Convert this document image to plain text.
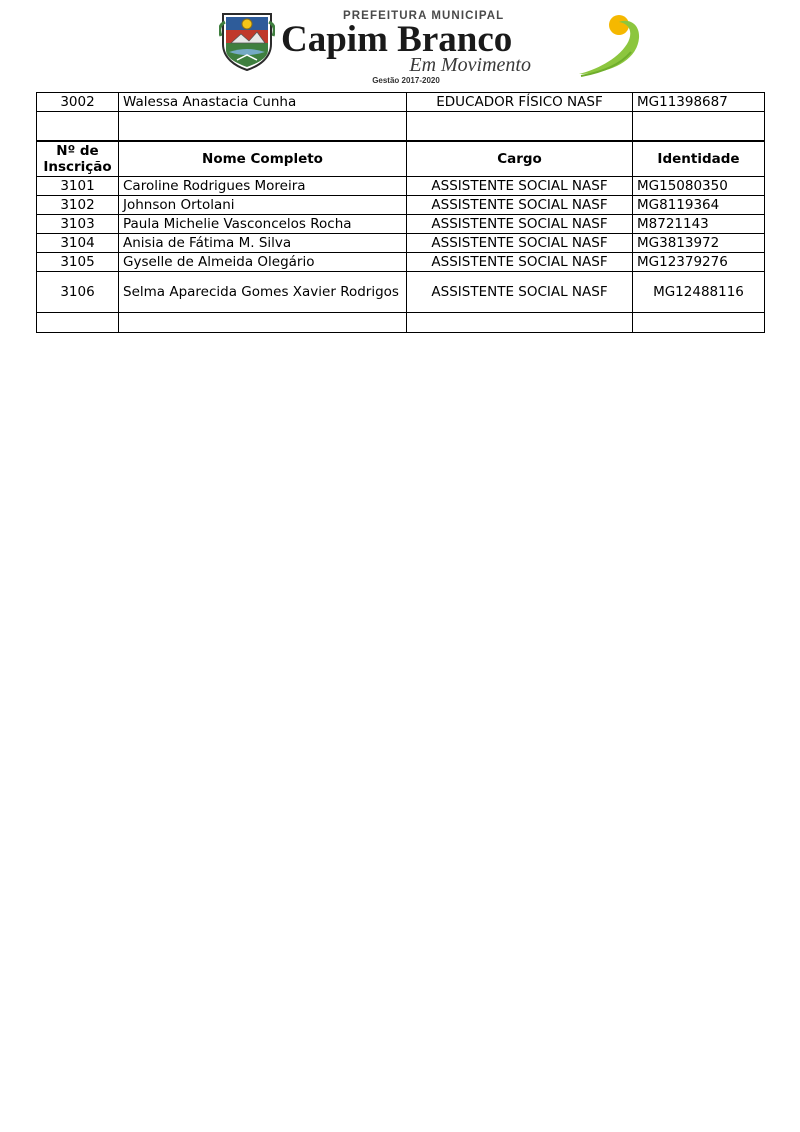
PREFEITURA MUNICIPAL
Capim Branco
Em Movimento
Gestão 2017-2020
3002	Walessa Anastacia Cunha	EDUCADOR FÍSICO NASF	MG11398687

Nº de Inscrição	Nome Completo	Cargo	Identidade
3101	Caroline Rodrigues Moreira	ASSISTENTE SOCIAL NASF	MG15080350
3102	Johnson Ortolani	ASSISTENTE SOCIAL NASF	MG8119364
3103	Paula Michelie Vasconcelos Rocha	ASSISTENTE SOCIAL NASF	M8721143
3104	Anisia de Fátima M. Silva	ASSISTENTE SOCIAL NASF	MG3813972
3105	Gyselle de Almeida Olegário	ASSISTENTE SOCIAL NASF	MG12379276
3106	Selma Aparecida Gomes Xavier Rodrigos	ASSISTENTE SOCIAL NASF	MG12488116
